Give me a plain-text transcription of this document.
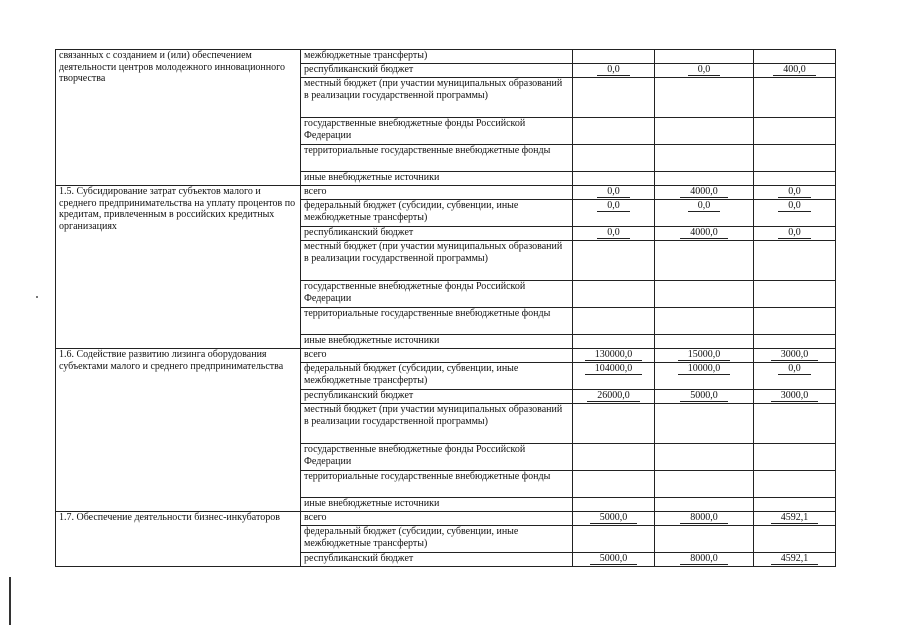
связанных с созданием и (или) обеспечением деятельности центров молодежного инновационного творчества	межбюджетные трансферты)			
	республиканский бюджет	0,0	0,0	400,0
	местный бюджет (при участии муниципальных образований в реализации государственной программы)			
	государственные внебюджетные фонды Российской Федерации			
	территориальные государственные внебюджетные фонды			
	иные внебюджетные источники			
1.5. Субсидирование затрат субъектов малого и среднего предпринимательства на уплату процентов по кредитам, привлеченным в российских кредитных организациях	всего	0,0	4000,0	0,0
	федеральный бюджет (субсидии, субвенции, иные межбюджетные трансферты)	0,0	0,0	0,0
	республиканский бюджет	0,0	4000,0	0,0
	местный бюджет (при участии муниципальных образований в реализации государственной программы)			
	государственные внебюджетные фонды Российской Федерации			
	территориальные государственные внебюджетные фонды			
	иные внебюджетные источники			
1.6. Содействие развитию лизинга оборудования субъектами малого и среднего предпринимательства	всего	130000,0	15000,0	3000,0
	федеральный бюджет (субсидии, субвенции, иные межбюджетные трансферты)	104000,0	10000,0	0,0
	республиканский бюджет	26000,0	5000,0	3000,0
	местный бюджет (при участии муниципальных образований в реализации государственной программы)			
	государственные внебюджетные фонды Российской Федерации			
	территориальные государственные внебюджетные фонды			
	иные внебюджетные источники			
1.7. Обеспечение деятельности бизнес-инкубаторов	всего	5000,0	8000,0	4592,1
	федеральный бюджет (субсидии, субвенции, иные межбюджетные трансферты)			
	республиканский бюджет	5000,0	8000,0	4592,1
